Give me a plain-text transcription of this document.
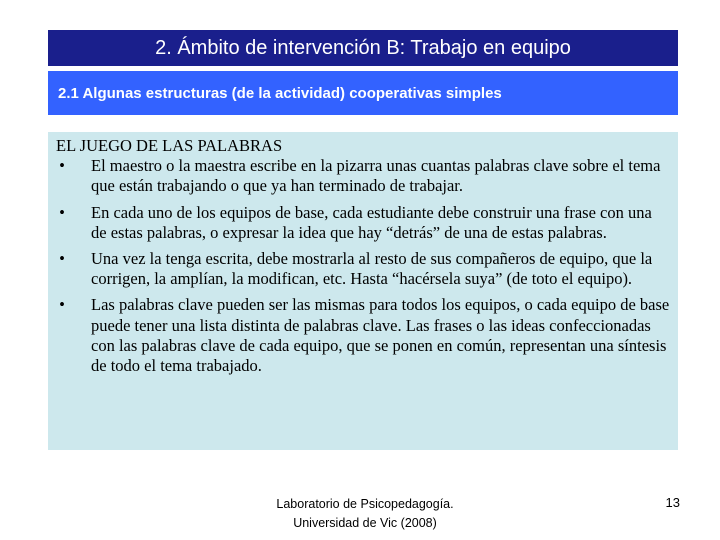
2. Ámbito de intervención B: Trabajo en equipo
2.1 Algunas estructuras (de la actividad) cooperativas simples
EL JUEGO DE LAS PALABRAS
• El maestro o la maestra escribe en la pizarra unas cuantas palabras clave sobre el tema que están trabajando o que ya han terminado de trabajar.
• En cada uno de los equipos de base, cada estudiante debe construir una frase con una de estas palabras, o expresar la idea que hay “detrás” de una de estas palabras.
• Una vez la tenga escrita, debe mostrarla al resto de sus compañeros de equipo, que la corrigen, la amplían, la modifican, etc. Hasta “hacérsela suya” (de toto el equipo).
• Las palabras clave pueden ser las mismas para todos los equipos, o cada equipo de base puede tener una lista distinta de palabras clave. Las frases o las ideas confeccionadas con las palabras clave de cada equipo, que se ponen en común, representan una síntesis de todo el tema trabajado.
Laboratorio de Psicopedagogía.
Universidad de Vic (2008)
13
